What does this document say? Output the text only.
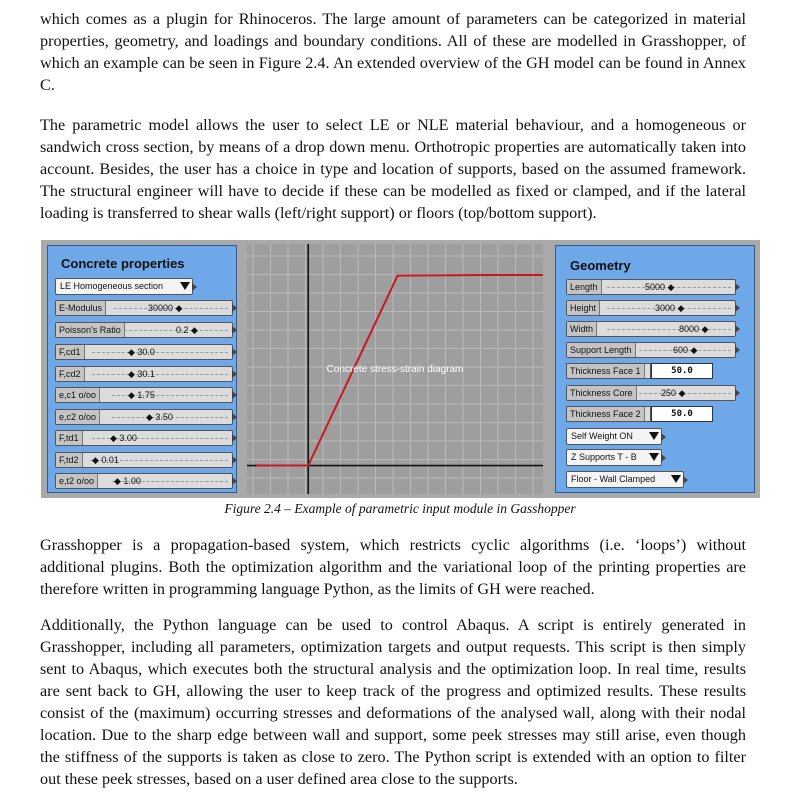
which comes as a plugin for Rhinoceros. The large amount of parameters can be categorized in material properties, geometry, and loadings and boundary conditions. All of these are modelled in Grasshopper, of which an example can be seen in Figure 2.4. An extended overview of the GH model can be found in Annex C.

The parametric model allows the user to select LE or NLE material behaviour, and a homogeneous or sandwich cross section, by means of a drop down menu. Orthotropic properties are automatically taken into account. Besides, the user has a choice in type and location of supports, based on the assumed framework. The structural engineer will have to decide if these can be modelled as fixed or clamped, and if the lateral loading is transferred to shear walls (left/right support) or floors (top/bottom support).

Concrete properties
LE Homogeneous section
E-Modulus	30000 ◆
Poisson's Ratio	0.2 ◆
F,cd1	◆ 30.0
F,cd2	◆ 30.1
e,c1 o/oo	◆ 1.75
e,c2 o/oo	◆ 3.50
F,td1	◆ 3.00
F,td2	◆ 0.01
e,t2 o/oo	◆ 1.00
Concrete stress-strain diagram
Geometry
Length	5000 ◆
Height	3000 ◆
Width	8000 ◆
Support Length	600 ◆
Thickness Face 1	50.0
Thickness Core	250 ◆
Thickness Face 2	50.0
Self Weight ON
Z Supports T - B
Floor - Wall Clamped
Figure 2.4 – Example of parametric input module in Gasshopper

Grasshopper is a propagation-based system, which restricts cyclic algorithms (i.e. ‘loops’) without additional plugins. Both the optimization algorithm and the variational loop of the printing properties are therefore written in programming language Python, as the limits of GH were reached.

Additionally, the Python language can be used to control Abaqus. A script is entirely generated in Grasshopper, including all parameters, optimization targets and output requests. This script is then simply sent to Abaqus, which executes both the structural analysis and the optimization loop. In real time, results are sent back to GH, allowing the user to keep track of the progress and optimized results. These results consist of the (maximum) occurring stresses and deformations of the analysed wall, along with their nodal location. Due to the sharp edge between wall and support, some peek stresses may still arise, even though the stiffness of the supports is taken as close to zero. The Python script is extended with an option to filter out these peek stresses, based on a user defined area close to the supports.
